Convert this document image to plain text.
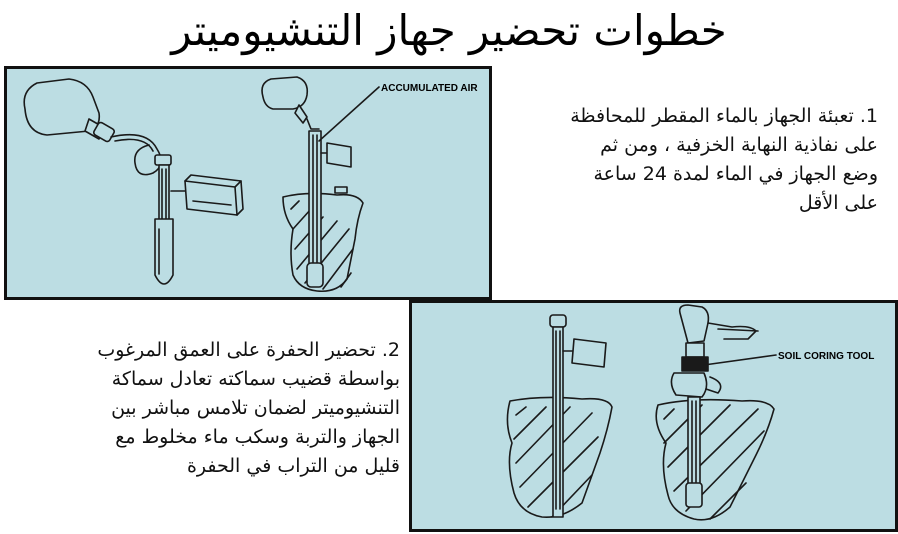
خطوات تحضير جهاز التنشيوميتر
ACCUMULATED AIR

1. تعبئة الجهاز بالماء المقطر للمحافظة
على نفاذية النهاية الخزفية ، ومن ثم
وضع الجهاز في الماء لمدة 24 ساعة
على الأقل

SOIL CORING TOOL

2. تحضير الحفرة على العمق المرغوب
بواسطة قضيب سماكته تعادل سماكة
التنشيوميتر لضمان تلامس مباشر بين
الجهاز والتربة وسكب ماء مخلوط مع
قليل من التراب في الحفرة
